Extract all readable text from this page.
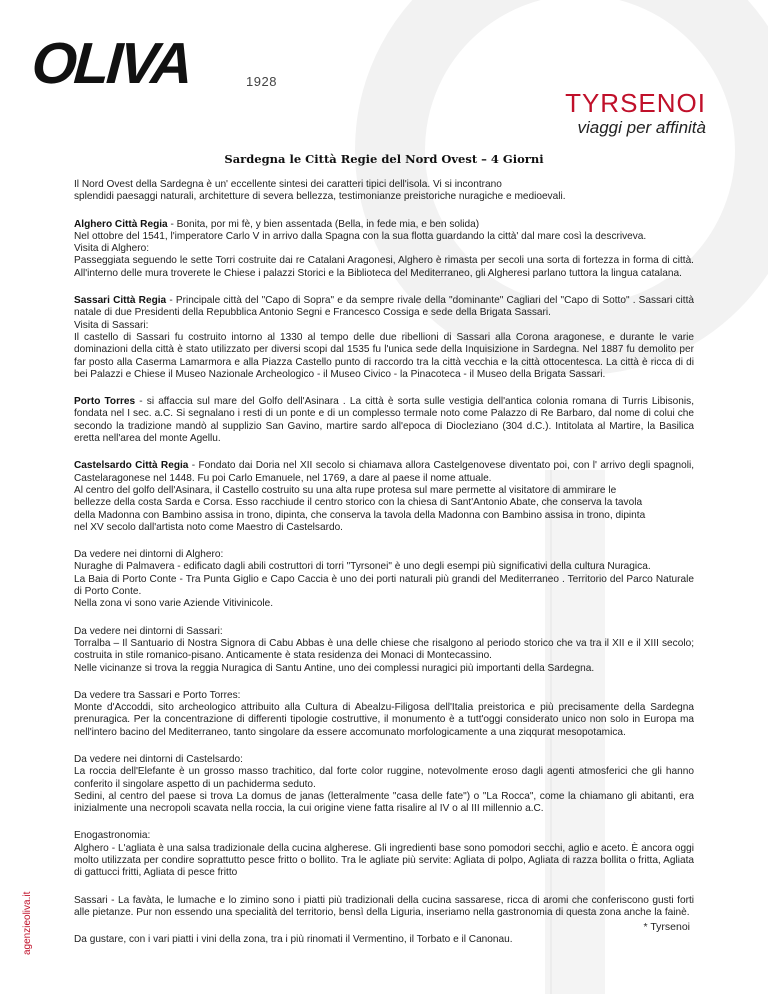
OLIVA	1928
TYRSENOI
viaggi per affinità
Sardegna le Città Regie del Nord Ovest – 4 Giorni

Il Nord Ovest della Sardegna è un' eccellente sintesi dei caratteri tipici dell'isola. Vi si incontrano
splendidi paesaggi naturali, architetture di severa bellezza, testimonianze preistoriche nuragiche e medioevali.

Alghero Città Regia - Bonita, por mi fè, y bien assentada (Bella, in fede mia, e ben solida)
Nel ottobre del 1541, l'imperatore Carlo V in arrivo dalla Spagna con la sua flotta guardando la città' dal mare così la descriveva.
Visita di Alghero:
Passeggiata seguendo le sette Torri costruite dai re Catalani Aragonesi, Alghero è rimasta per secoli una sorta di fortezza in forma di città. All'interno delle mura troverete le Chiese i palazzi Storici e la Biblioteca del Mediterraneo, gli Algheresi parlano tuttora la lingua catalana.

Sassari Città Regia - Principale città del "Capo di Sopra" e da sempre rivale della "dominante" Cagliari del "Capo di Sotto" . Sassari città natale di due Presidenti della Repubblica Antonio Segni e Francesco Cossiga e sede della Brigata Sassari.
Visita di Sassari:
Il castello di Sassari fu costruito intorno al 1330 al tempo delle due ribellioni di Sassari alla Corona aragonese, e durante le varie dominazioni della città è stato utilizzato per diversi scopi dal 1535 fu l'unica sede della Inquisizione in Sardegna. Nel 1887 fu demolito per far posto alla Caserma Lamarmora e alla Piazza Castello punto di raccordo tra la città vecchia e la città ottocentesca. La città è ricca di di bei Palazzi e Chiese il Museo Nazionale Archeologico - il Museo Civico - la Pinacoteca - il Museo della Brigata Sassari.

Porto Torres - si affaccia sul mare del Golfo dell'Asinara . La città è sorta sulle vestigia dell'antica colonia romana di Turris Libisonis, fondata nel I sec. a.C. Si segnalano i resti di un ponte e di un complesso termale noto come Palazzo di Re Barbaro, dal nome di colui che secondo la tradizione mandò al supplizio San Gavino, martire sardo all'epoca di Diocleziano (304 d.C.). Intitolata al Martire, la Basilica eretta nell'area del monte Agellu.

Castelsardo Città Regia - Fondato dai Doria nel XII secolo si chiamava allora Castelgenovese diventato poi, con l' arrivo degli spagnoli, Castelaragonese nel 1448. Fu poi Carlo Emanuele, nel 1769, a dare al paese il nome attuale.
Al centro del golfo dell'Asinara, il Castello costruito su una alta rupe protesa sul mare permette al visitatore di ammirare le
bellezze della costa Sarda e Corsa. Esso racchiude il centro storico con la chiesa di Sant'Antonio Abate, che conserva la tavola
della Madonna con Bambino assisa in trono, dipinta, che conserva la tavola della Madonna con Bambino assisa in trono, dipinta
nel XV secolo dall'artista noto come Maestro di Castelsardo.

Da vedere nei dintorni di Alghero:
Nuraghe di Palmavera - edificato dagli abili costruttori di torri "Tyrsonei" è uno degli esempi più significativi della cultura Nuragica.
La Baia di Porto Conte - Tra Punta Giglio e Capo Caccia è uno dei porti naturali più grandi del Mediterraneo . Territorio del Parco Naturale di Porto Conte.
Nella zona vi sono varie Aziende Vitivinicole.

Da vedere nei dintorni di Sassari:
Torralba – Il Santuario di Nostra Signora di Cabu Abbas è una delle chiese che risalgono al periodo storico che va tra il XII e il XIII secolo; costruita in stile romanico-pisano. Anticamente è stata residenza dei Monaci di Montecassino.
Nelle vicinanze si trova la reggia Nuragica di Santu Antine, uno dei complessi nuragici più importanti della Sardegna.

Da vedere tra Sassari e Porto Torres:
Monte d'Accoddi, sito archeologico attribuito alla Cultura di Abealzu-Filigosa dell'Italia preistorica e più precisamente della Sardegna prenuragica. Per la concentrazione di differenti tipologie costruttive, il monumento è a tutt'oggi considerato unico non solo in Europa ma nell'intero bacino del Mediterraneo, tanto singolare da essere accomunato morfologicamente a una ziqqurat mesopotamica.

Da vedere nei dintorni di Castelsardo:
La roccia dell'Elefante è un grosso masso trachitico, dal forte color ruggine, notevolmente eroso dagli agenti atmosferici che gli hanno conferito il singolare aspetto di un pachiderma seduto.
Sedini, al centro del paese si trova La domus de janas (letteralmente "casa delle fate") o "La Rocca", come la chiamano gli abitanti, era inizialmente una necropoli scavata nella roccia, la cui origine viene fatta risalire al IV o al III millennio a.C.

Enogastronomia:
Alghero - L'agliata è una salsa tradizionale della cucina algherese. Gli ingredienti base sono pomodori secchi, aglio e aceto. È ancora oggi molto utilizzata per condire soprattutto pesce fritto o bollito. Tra le agliate più servite: Agliata di polpo, Agliata di razza bollita o fritta, Agliata di gattucci fritti, Agliata di pesce fritto

Sassari - La favàta, le lumache e lo zimino sono i piatti più tradizionali della cucina sassarese, ricca di aromi che conferiscono gusti forti alle pietanze. Pur non essendo una specialità del territorio, bensì della Liguria, inseriamo nella gastronomia di questa zona anche la fainè.

Da gustare, con i vari piatti i vini della zona, tra i più rinomati il Vermentino, il Torbato e il Canonau.

* Tyrsenoi
agenzieoliva.it
